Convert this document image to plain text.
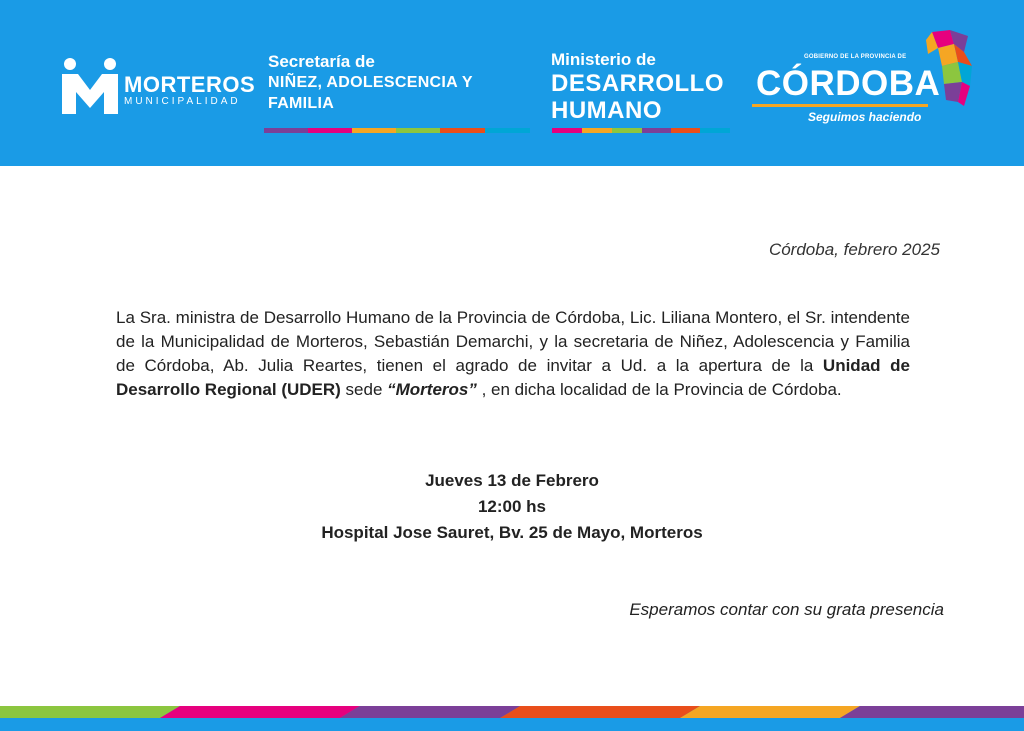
MORTEROS
MUNICIPALIDAD
Secretaría de
NIÑEZ, ADOLESCENCIA Y
FAMILIA
Ministerio de
DESARROLLO
HUMANO
GOBIERNO DE LA PROVINCIA DE
CÓRDOBA
Seguimos haciendo
Córdoba, febrero 2025
La Sra. ministra de Desarrollo Humano de la Provincia de Córdoba, Lic. Liliana Montero, el Sr. intendente de la Municipalidad de Morteros, Sebastián Demarchi, y la secretaria de Niñez, Adolescencia y Familia de Córdoba, Ab. Julia Reartes, tienen el agrado de invitar a Ud. a la apertura de la Unidad de Desarrollo Regional (UDER) sede “Morteros” , en dicha localidad de la Provincia de Córdoba.
Jueves 13 de Febrero
12:00 hs
Hospital Jose Sauret, Bv. 25 de Mayo, Morteros
Esperamos contar con su grata presencia
